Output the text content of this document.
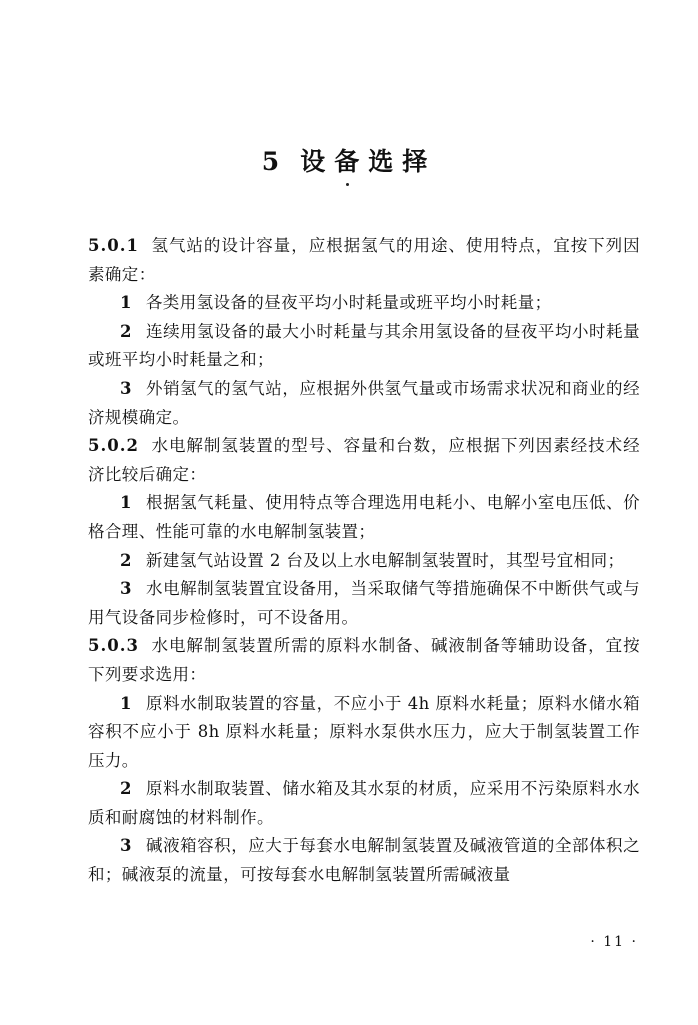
5 设备选择

5.0.1 氢气站的设计容量，应根据氢气的用途、使用特点，宜按下列因素确定：

1 各类用氢设备的昼夜平均小时耗量或班平均小时耗量；

2 连续用氢设备的最大小时耗量与其余用氢设备的昼夜平均小时耗量或班平均小时耗量之和；

3 外销氢气的氢气站，应根据外供氢气量或市场需求状况和商业的经济规模确定。

5.0.2 水电解制氢装置的型号、容量和台数，应根据下列因素经技术经济比较后确定：

1 根据氢气耗量、使用特点等合理选用电耗小、电解小室电压低、价格合理、性能可靠的水电解制氢装置；

2 新建氢气站设置 2 台及以上水电解制氢装置时，其型号宜相同；

3 水电解制氢装置宜设备用，当采取储气等措施确保不中断供气或与用气设备同步检修时，可不设备用。

5.0.3 水电解制氢装置所需的原料水制备、碱液制备等辅助设备，宜按下列要求选用：

1 原料水制取装置的容量，不应小于 4h 原料水耗量；原料水储水箱容积不应小于 8h 原料水耗量；原料水泵供水压力，应大于制氢装置工作压力。

2 原料水制取装置、储水箱及其水泵的材质，应采用不污染原料水水质和耐腐蚀的材料制作。

3 碱液箱容积，应大于每套水电解制氢装置及碱液管道的全部体积之和；碱液泵的流量，可按每套水电解制氢装置所需碱液量

· 11 ·
